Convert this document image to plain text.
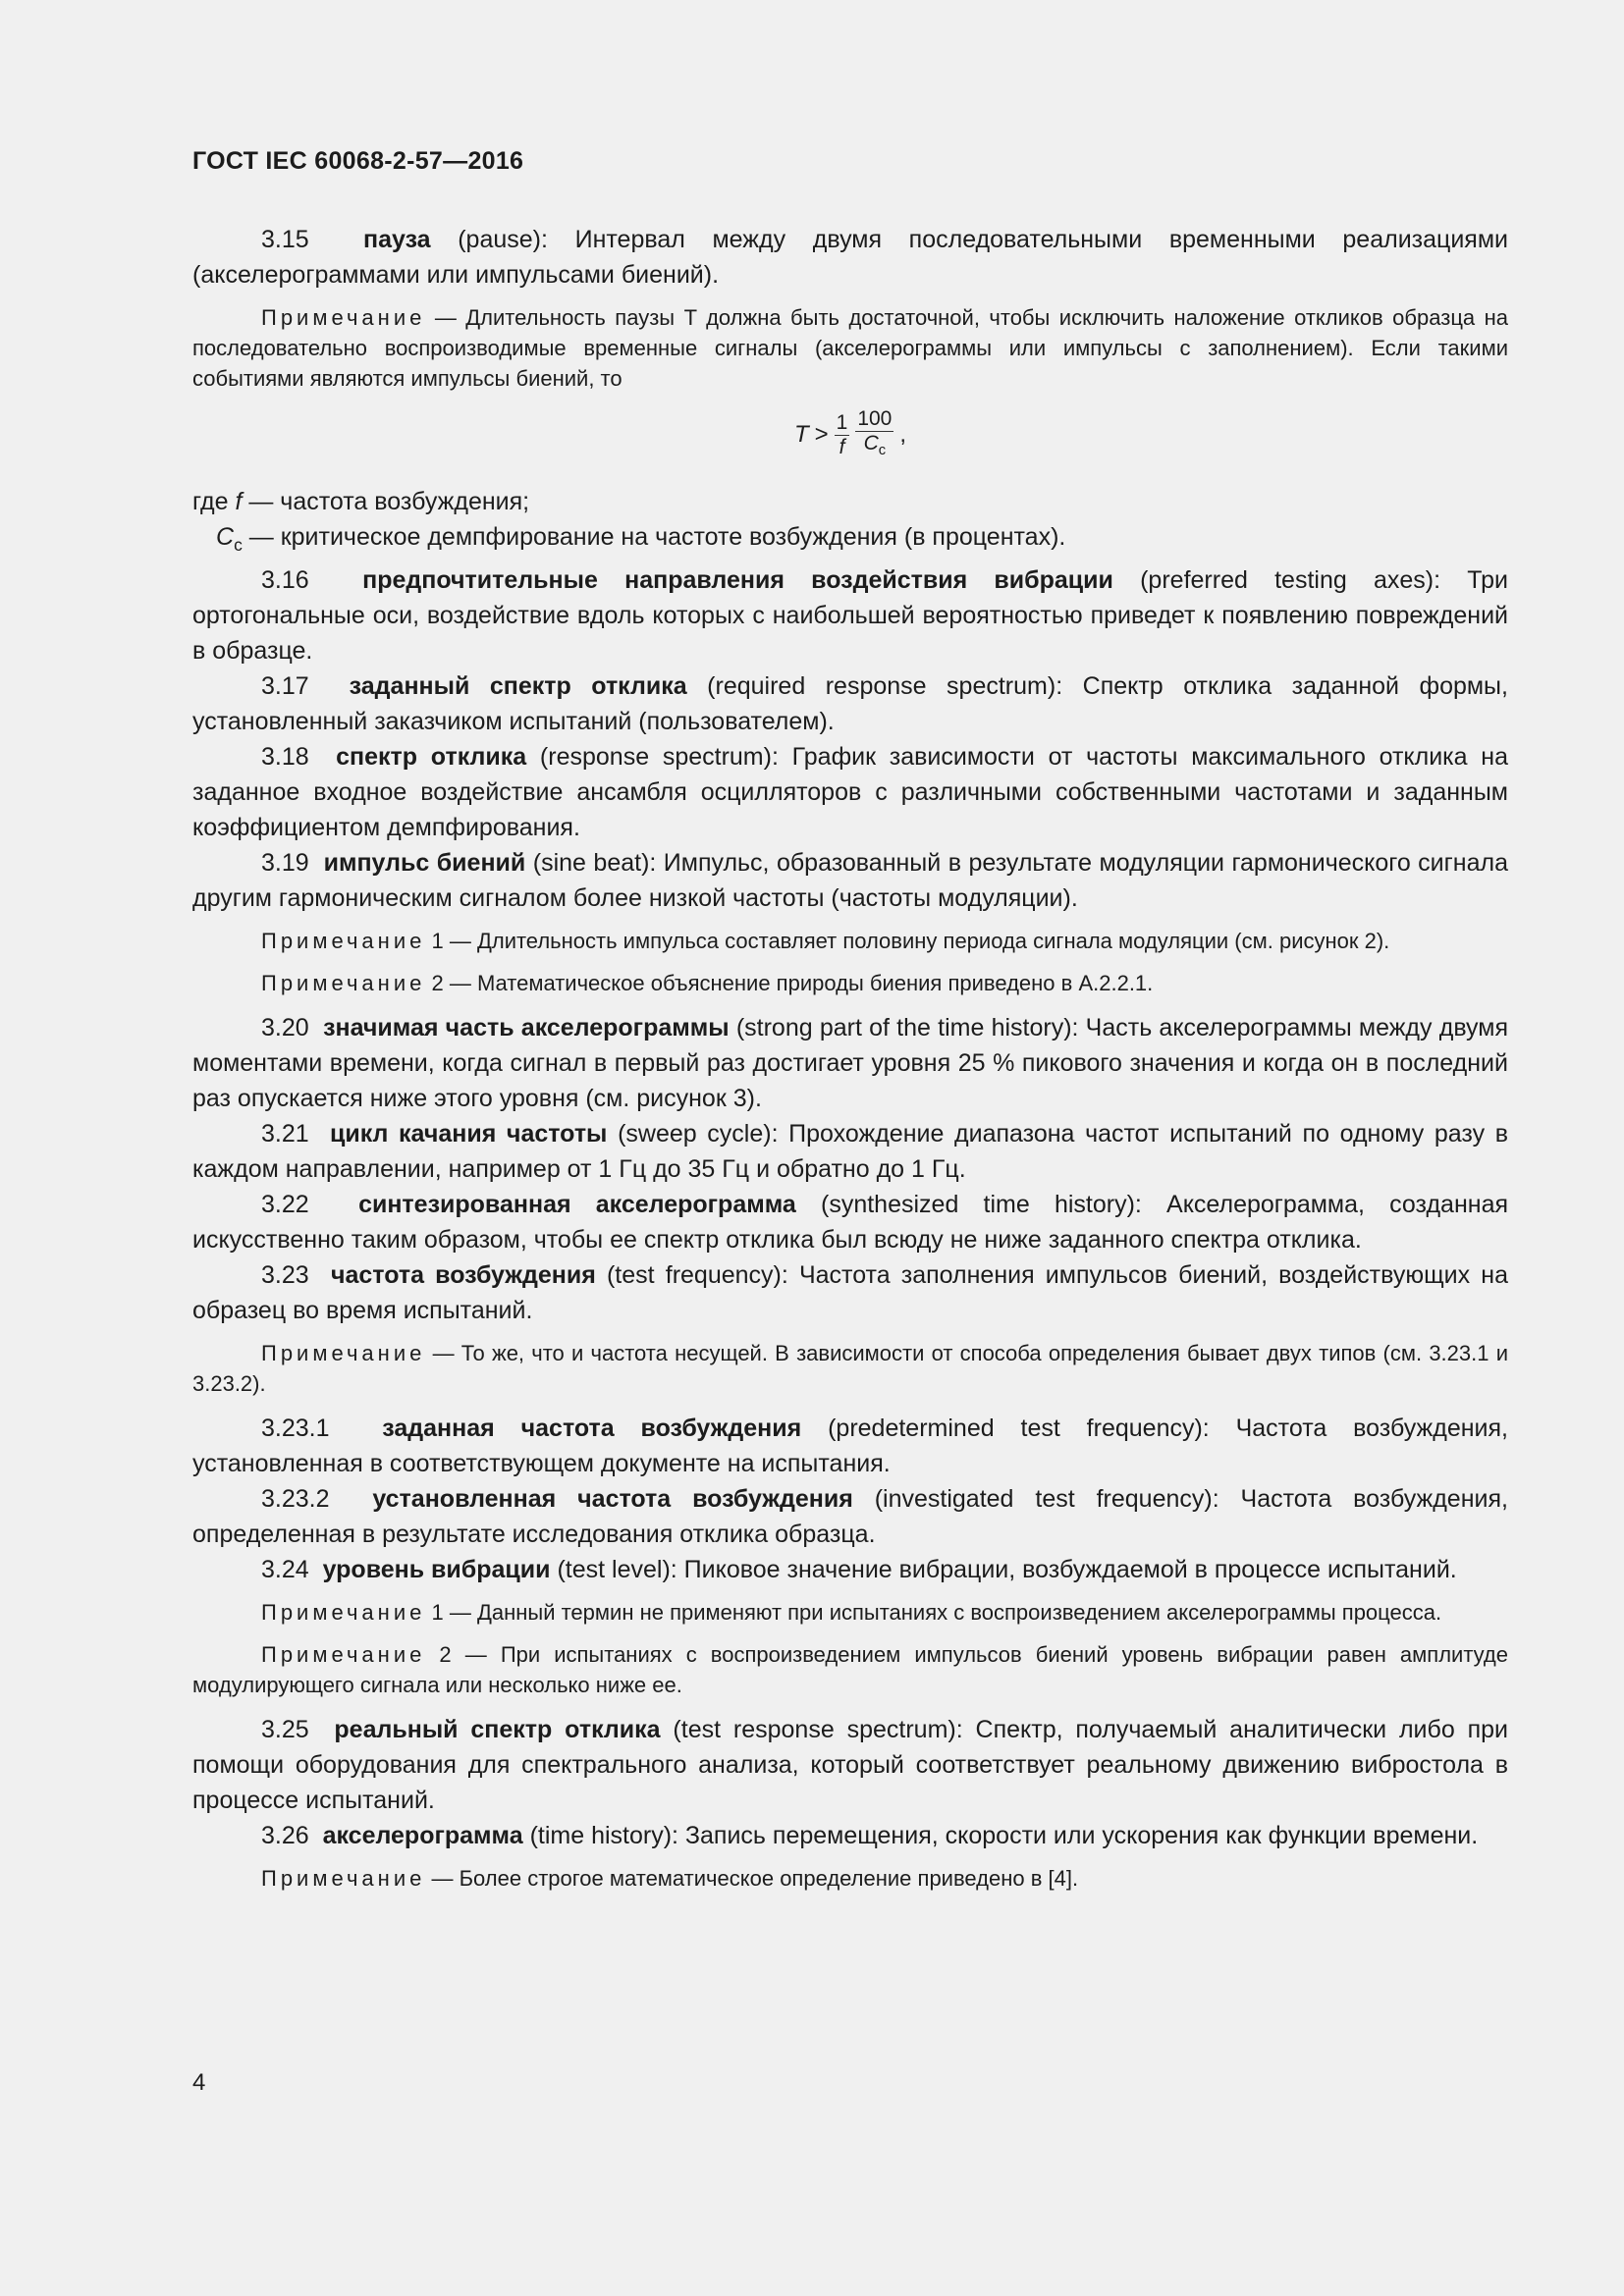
ГОСТ IEC 60068-2-57—2016

3.15 пауза (pause): Интервал между двумя последовательными временными реализациями (акселерограммами или импульсами биений).

Примечание — Длительность паузы T должна быть достаточной, чтобы исключить наложение откликов образца на последовательно воспроизводимые временные сигналы (акселерограммы или импульсы с заполнением). Если такими событиями являются импульсы биений, то

$T > \frac{1}{f} \frac{100}{C_c}$ ,

где f — частота возбуждения;

$C_c$ — критическое демпфирование на частоте возбуждения (в процентах).

3.16 предпочтительные направления воздействия вибрации (preferred testing axes): Три ортогональные оси, воздействие вдоль которых с наибольшей вероятностью приведет к появлению повреждений в образце.

3.17 заданный спектр отклика (required response spectrum): Спектр отклика заданной формы, установленный заказчиком испытаний (пользователем).

3.18 спектр отклика (response spectrum): График зависимости от частоты максимального отклика на заданное входное воздействие ансамбля осцилляторов с различными собственными частотами и заданным коэффициентом демпфирования.

3.19 импульс биений (sine beat): Импульс, образованный в результате модуляции гармонического сигнала другим гармоническим сигналом более низкой частоты (частоты модуляции).

Примечание 1 — Длительность импульса составляет половину периода сигнала модуляции (см. рисунок 2).

Примечание 2 — Математическое объяснение природы биения приведено в А.2.2.1.

3.20 значимая часть акселерограммы (strong part of the time history): Часть акселерограммы между двумя моментами времени, когда сигнал в первый раз достигает уровня 25 % пикового значения и когда он в последний раз опускается ниже этого уровня (см. рисунок 3).

3.21 цикл качания частоты (sweep cycle): Прохождение диапазона частот испытаний по одному разу в каждом направлении, например от 1 Гц до 35 Гц и обратно до 1 Гц.

3.22 синтезированная акселерограмма (synthesized time history): Акселерограмма, созданная искусственно таким образом, чтобы ее спектр отклика был всюду не ниже заданного спектра отклика.

3.23 частота возбуждения (test frequency): Частота заполнения импульсов биений, воздействующих на образец во время испытаний.

Примечание — То же, что и частота несущей. В зависимости от способа определения бывает двух типов (см. 3.23.1 и 3.23.2).

3.23.1 заданная частота возбуждения (predetermined test frequency): Частота возбуждения, установленная в соответствующем документе на испытания.

3.23.2 установленная частота возбуждения (investigated test frequency): Частота возбуждения, определенная в результате исследования отклика образца.

3.24 уровень вибрации (test level): Пиковое значение вибрации, возбуждаемой в процессе испытаний.

Примечание 1 — Данный термин не применяют при испытаниях с воспроизведением акселерограммы процесса.

Примечание 2 — При испытаниях с воспроизведением импульсов биений уровень вибрации равен амплитуде модулирующего сигнала или несколько ниже ее.

3.25 реальный спектр отклика (test response spectrum): Спектр, получаемый аналитически либо при помощи оборудования для спектрального анализа, который соответствует реальному движению вибростола в процессе испытаний.

3.26 акселерограмма (time history): Запись перемещения, скорости или ускорения как функции времени.

Примечание — Более строгое математическое определение приведено в [4].

4
